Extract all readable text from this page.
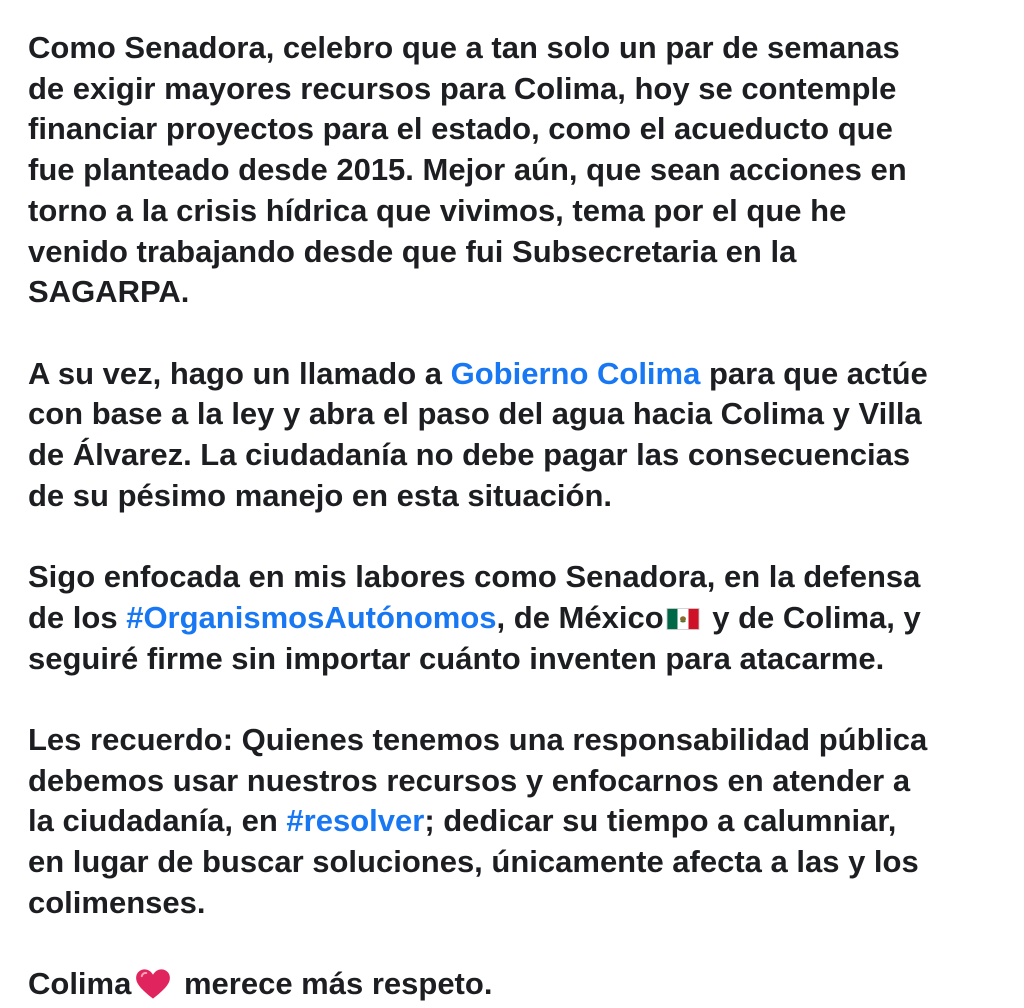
Como Senadora, celebro que a tan solo un par de semanas
de exigir mayores recursos para Colima, hoy se contemple
financiar proyectos para el estado, como el acueducto que
fue planteado desde 2015. Mejor aún, que sean acciones en
torno a la crisis hídrica que vivimos, tema por el que he
venido trabajando desde que fui Subsecretaria en la
SAGARPA.
A su vez, hago un llamado a Gobierno Colima para que actúe
con base a la ley y abra el paso del agua hacia Colima y Villa
de Álvarez. La ciudadanía no debe pagar las consecuencias
de su pésimo manejo en esta situación.
Sigo enfocada en mis labores como Senadora, en la defensa
de los #OrganismosAutónomos, de México y de Colima, y
seguiré firme sin importar cuánto inventen para atacarme.
Les recuerdo: Quienes tenemos una responsabilidad pública
debemos usar nuestros recursos y enfocarnos en atender a
la ciudadanía, en #resolver; dedicar su tiempo a calumniar,
en lugar de buscar soluciones, únicamente afecta a las y los
colimenses.
Colima merece más respeto.
